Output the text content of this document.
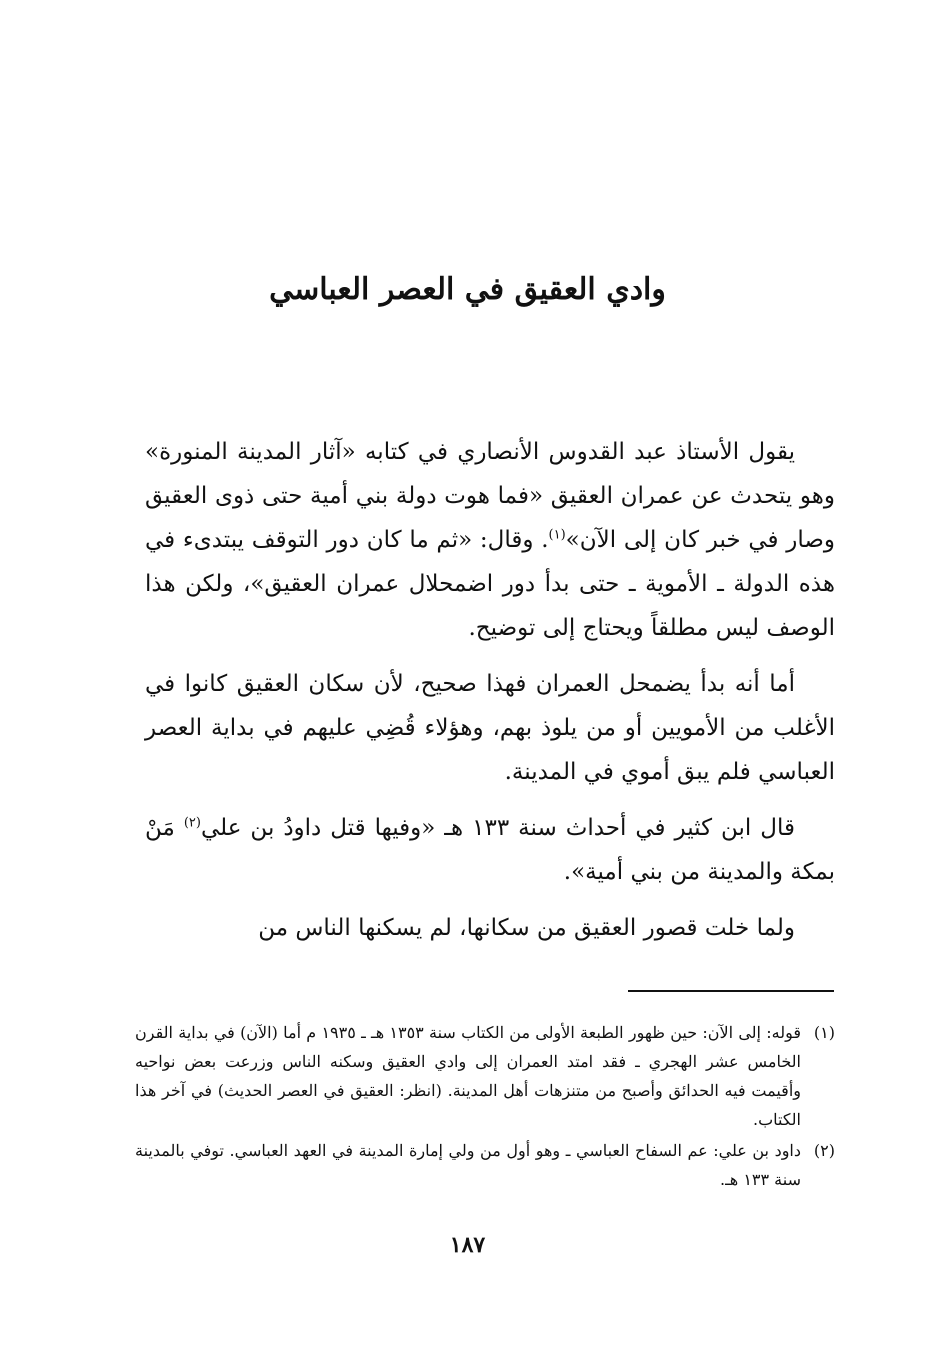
وادي العقيق في العصر العباسي

يقول الأستاذ عبد القدوس الأنصاري في كتابه «آثار المدينة المنورة» وهو يتحدث عن عمران العقيق «فما هوت دولة بني أمية حتى ذوى العقيق وصار في خبر كان إلى الآن»$^{(١)}$. وقال: «ثم ما كان دور التوقف يبتدىء في هذه الدولة ـ الأموية ـ حتى بدأ دور اضمحلال عمران العقيق»، ولكن هذا الوصف ليس مطلقاً ويحتاج إلى توضيح.

أما أنه بدأ يضمحل العمران فهذا صحيح، لأن سكان العقيق كانوا في الأغلب من الأمويين أو من يلوذ بهم، وهؤلاء قُضِي عليهم في بداية العصر العباسي فلم يبق أموي في المدينة.

قال ابن كثير في أحداث سنة ١٣٣ هـ «وفيها قتل داودُ بن علي$^{(٢)}$ مَنْ بمكة والمدينة من بني أمية».

ولما خلت قصور العقيق من سكانها، لم يسكنها الناس من

(١)
قوله: إلى الآن: حين ظهور الطبعة الأولى من الكتاب سنة ١٣٥٣ هـ ـ ١٩٣٥ م أما (الآن) في بداية القرن الخامس عشر الهجري ـ فقد امتد العمران إلى وادي العقيق وسكنه الناس وزرعت بعض نواحيه وأقيمت فيه الحدائق وأصبح من متنزهات أهل المدينة. (انظر: العقيق في العصر الحديث) في آخر هذا الكتاب.
(٢)
داود بن علي: عم السفاح العباسي ـ وهو أول من ولي إمارة المدينة في العهد العباسي. توفي بالمدينة سنة ١٣٣ هـ.
١٨٧
